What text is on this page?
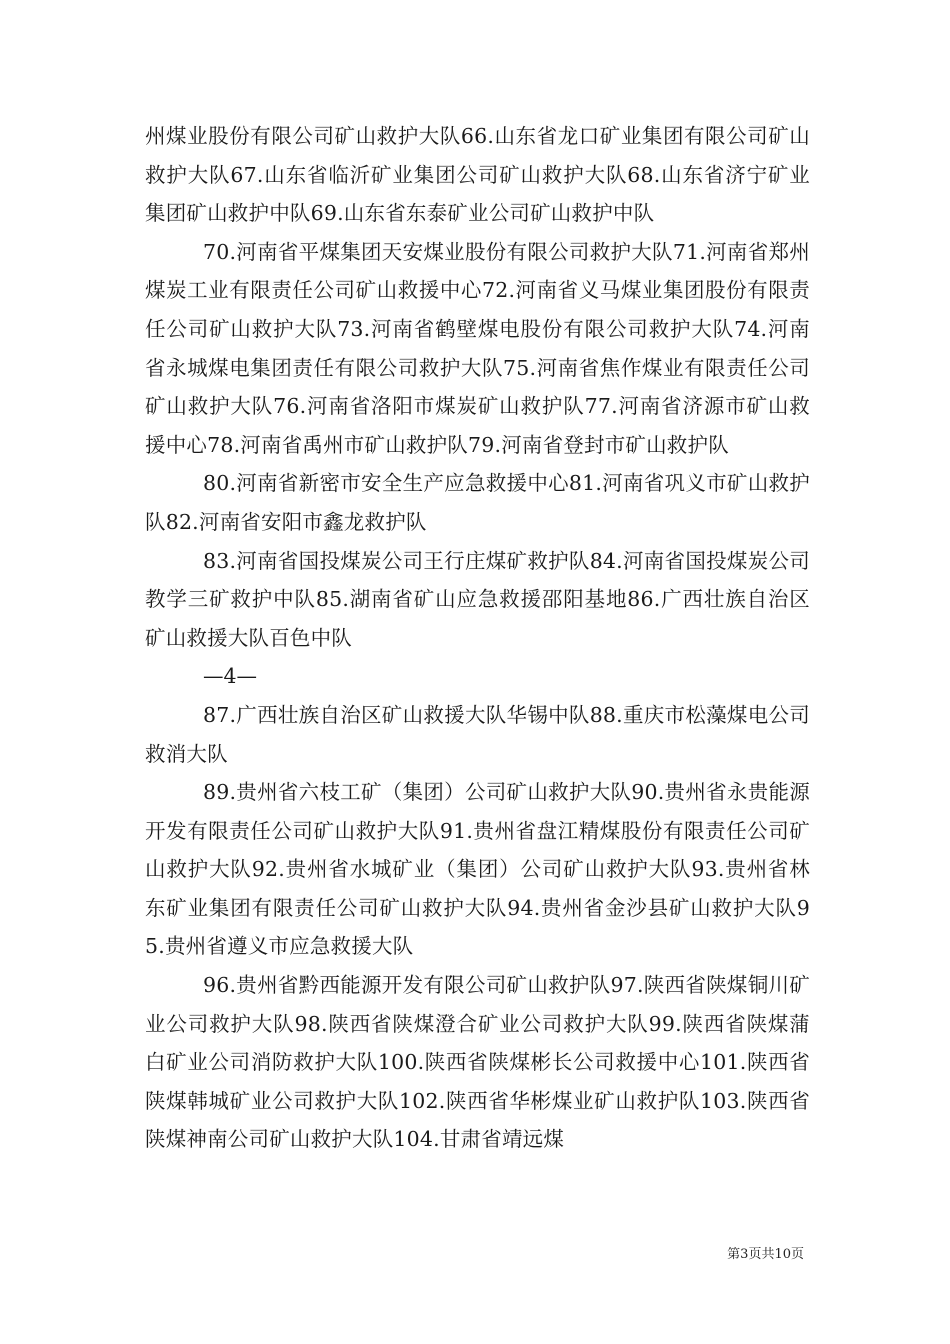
州煤业股份有限公司矿山救护大队66.山东省龙口矿业集团有限公司矿山救护大队67.山东省临沂矿业集团公司矿山救护大队68.山东省济宁矿业集团矿山救护中队69.山东省东泰矿业公司矿山救护中队

70.河南省平煤集团天安煤业股份有限公司救护大队71.河南省郑州煤炭工业有限责任公司矿山救援中心72.河南省义马煤业集团股份有限责任公司矿山救护大队73.河南省鹤壁煤电股份有限公司救护大队74.河南省永城煤电集团责任有限公司救护大队75.河南省焦作煤业有限责任公司矿山救护大队76.河南省洛阳市煤炭矿山救护队77.河南省济源市矿山救援中心78.河南省禹州市矿山救护队79.河南省登封市矿山救护队

80.河南省新密市安全生产应急救援中心81.河南省巩义市矿山救护队82.河南省安阳市鑫龙救护队

83.河南省国投煤炭公司王行庄煤矿救护队84.河南省国投煤炭公司教学三矿救护中队85.湖南省矿山应急救援邵阳基地86.广西壮族自治区矿山救援大队百色中队

—4—

87.广西壮族自治区矿山救援大队华锡中队88.重庆市松藻煤电公司救消大队

89.贵州省六枝工矿（集团）公司矿山救护大队90.贵州省永贵能源开发有限责任公司矿山救护大队91.贵州省盘江精煤股份有限责任公司矿山救护大队92.贵州省水城矿业（集团）公司矿山救护大队93.贵州省林东矿业集团有限责任公司矿山救护大队94.贵州省金沙县矿山救护大队95.贵州省遵义市应急救援大队

96.贵州省黔西能源开发有限公司矿山救护队97.陕西省陕煤铜川矿业公司救护大队98.陕西省陕煤澄合矿业公司救护大队99.陕西省陕煤蒲白矿业公司消防救护大队100.陕西省陕煤彬长公司救援中心101.陕西省陕煤韩城矿业公司救护大队102.陕西省华彬煤业矿山救护队103.陕西省陕煤神南公司矿山救护大队104.甘肃省靖远煤

第3页共10页
